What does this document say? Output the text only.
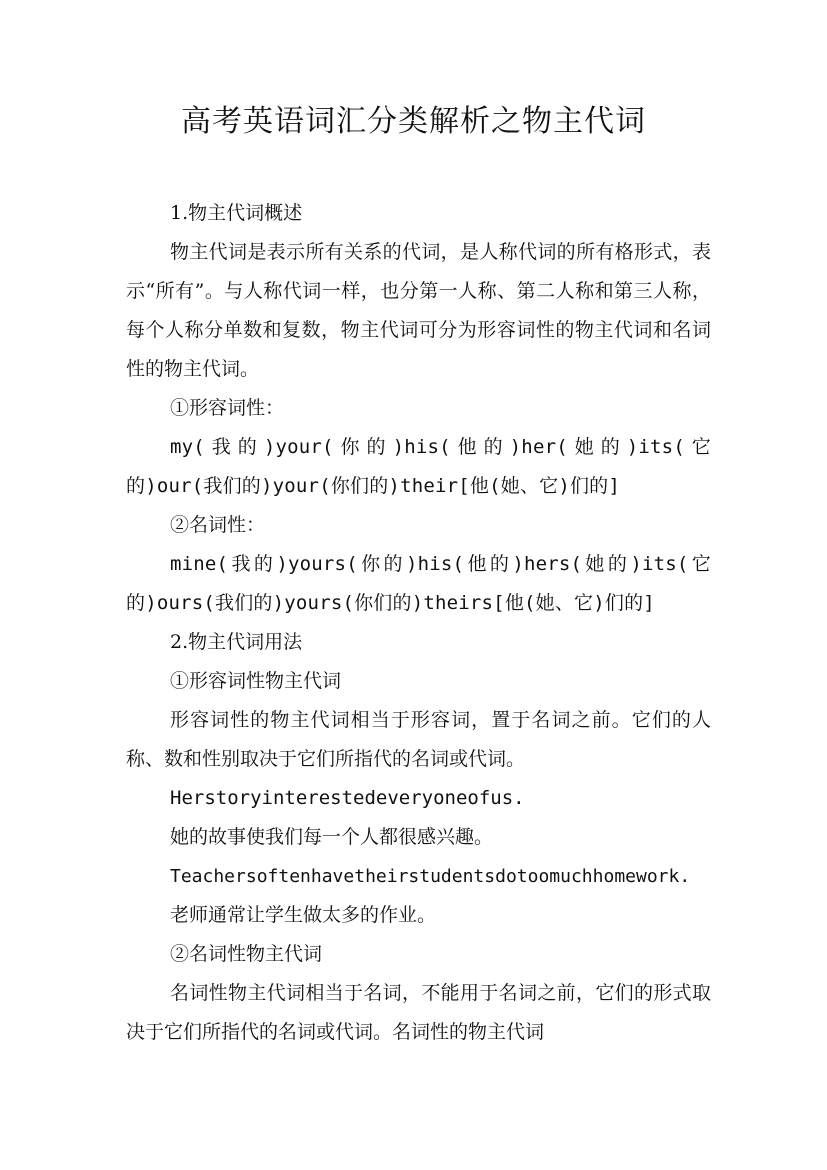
高考英语词汇分类解析之物主代词

1.物主代词概述

物主代词是表示所有关系的代词，是人称代词的所有格形式，表示“所有”。与人称代词一样，也分第一人称、第二人称和第三人称，每个人称分单数和复数，物主代词可分为形容词性的物主代词和名词性的物主代词。

①形容词性：

my(我的)your(你的)his(他的)her(她的)its(它的)our(我们的)your(你们的)their[他(她、它)们的]

②名词性：

mine(我的)yours(你的)his(他的)hers(她的)its(它的)ours(我们的)yours(你们的)theirs[他(她、它)们的]

2.物主代词用法

①形容词性物主代词

形容词性的物主代词相当于形容词，置于名词之前。它们的人称、数和性别取决于它们所指代的名词或代词。

Herstoryinterestedeveryoneofus.

她的故事使我们每一个人都很感兴趣。

Teachersoftenhavetheirstudentsdotoomuchhomework.

老师通常让学生做太多的作业。

②名词性物主代词

名词性物主代词相当于名词，不能用于名词之前，它们的形式取决于它们所指代的名词或代词。名词性的物主代词
